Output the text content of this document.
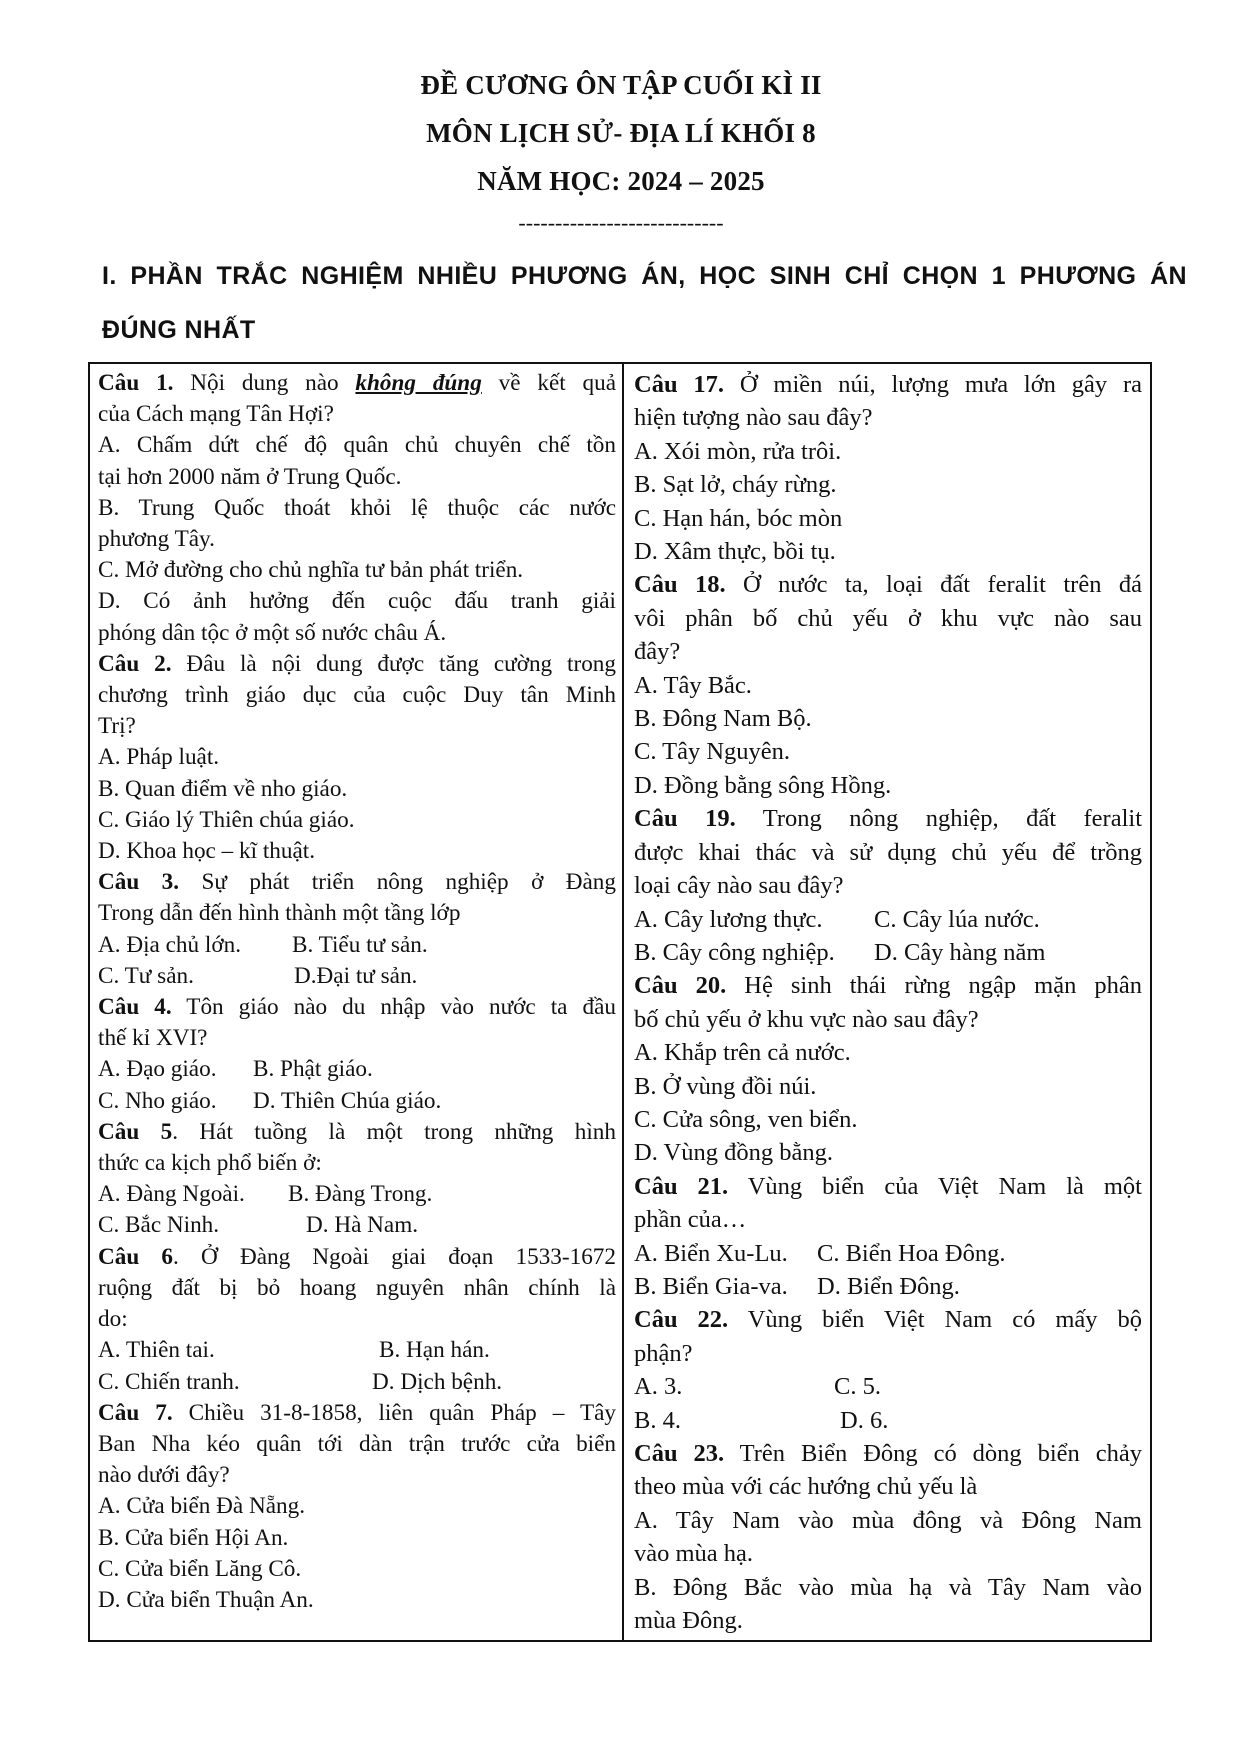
ĐỀ CƯƠNG ÔN TẬP CUỐI KÌ II
MÔN LỊCH SỬ- ĐỊA LÍ KHỐI 8
NĂM HỌC: 2024 – 2025
----------------------------
I. PHẦN TRẮC NGHIỆM NHIỀU PHƯƠNG ÁN, HỌC SINH CHỈ CHỌN 1 PHƯƠNG ÁN
ĐÚNG NHẤT
Câu 1. Nội dung nào không đúng về kết quả
của Cách mạng Tân Hợi?
A. Chấm dứt chế độ quân chủ chuyên chế tồn
tại hơn 2000 năm ở Trung Quốc.
B. Trung Quốc thoát khỏi lệ thuộc các nước
phương Tây.
C. Mở đường cho chủ nghĩa tư bản phát triển.
D. Có ảnh hưởng đến cuộc đấu tranh giải
phóng dân tộc ở một số nước châu Á.
Câu 2. Đâu là nội dung được tăng cường trong
chương trình giáo dục của cuộc Duy tân Minh
Trị?
A. Pháp luật.
B. Quan điểm về nho giáo.
C. Giáo lý Thiên chúa giáo.
D. Khoa học – kĩ thuật.
Câu 3. Sự phát triển nông nghiệp ở Đàng
Trong dẫn đến hình thành một tầng lớp
A. Địa chủ lớn.	B. Tiểu tư sản.
C. Tư sản.	D.Đại tư sản.
Câu 4. Tôn giáo nào du nhập vào nước ta đầu
thế kỉ XVI?
A. Đạo giáo.	B. Phật giáo.
C. Nho giáo.	D. Thiên Chúa giáo.
Câu 5. Hát tuồng là một trong những hình
thức ca kịch phổ biến ở:
A. Đàng Ngoài.	B. Đàng Trong.
C. Bắc Ninh.	D. Hà Nam.
Câu 6. Ở Đàng Ngoài giai đoạn 1533-1672
ruộng đất bị bỏ hoang nguyên nhân chính là
do:
A. Thiên tai.	B. Hạn hán.
C. Chiến tranh.	D. Dịch bệnh.
Câu 7. Chiều 31-8-1858, liên quân Pháp – Tây
Ban Nha kéo quân tới dàn trận trước cửa biển
nào dưới đây?
A. Cửa biển Đà Nẵng.
B. Cửa biển Hội An.
C. Cửa biển Lăng Cô.
D. Cửa biển Thuận An.
Câu 17. Ở miền núi, lượng mưa lớn gây ra
hiện tượng nào sau đây?
A. Xói mòn, rửa trôi.
B. Sạt lở, cháy rừng.
C. Hạn hán, bóc mòn
D. Xâm thực, bồi tụ.
Câu 18. Ở nước ta, loại đất feralit trên đá
vôi phân bố chủ yếu ở khu vực nào sau
đây?
A. Tây Bắc.
B. Đông Nam Bộ.
C. Tây Nguyên.
D. Đồng bằng sông Hồng.
Câu 19. Trong nông nghiệp, đất feralit
được khai thác và sử dụng chủ yếu để trồng
loại cây nào sau đây?
A. Cây lương thực.	C. Cây lúa nước.
B. Cây công nghiệp.	D. Cây hàng năm
Câu 20. Hệ sinh thái rừng ngập mặn phân
bố chủ yếu ở khu vực nào sau đây?
A. Khắp trên cả nước.
B. Ở vùng đồi núi.
C. Cửa sông, ven biển.
D. Vùng đồng bằng.
Câu 21. Vùng biển của Việt Nam là một
phần của…
A. Biển Xu-Lu.	C. Biển Hoa Đông.
B. Biển Gia-va.	D. Biển Đông.
Câu 22. Vùng biển Việt Nam có mấy bộ
phận?
A. 3.	C. 5.
B. 4.	D. 6.
Câu 23. Trên Biển Đông có dòng biển chảy
theo mùa với các hướng chủ yếu là
A. Tây Nam vào mùa đông và Đông Nam
vào mùa hạ.
B. Đông Bắc vào mùa hạ và Tây Nam vào
mùa Đông.
